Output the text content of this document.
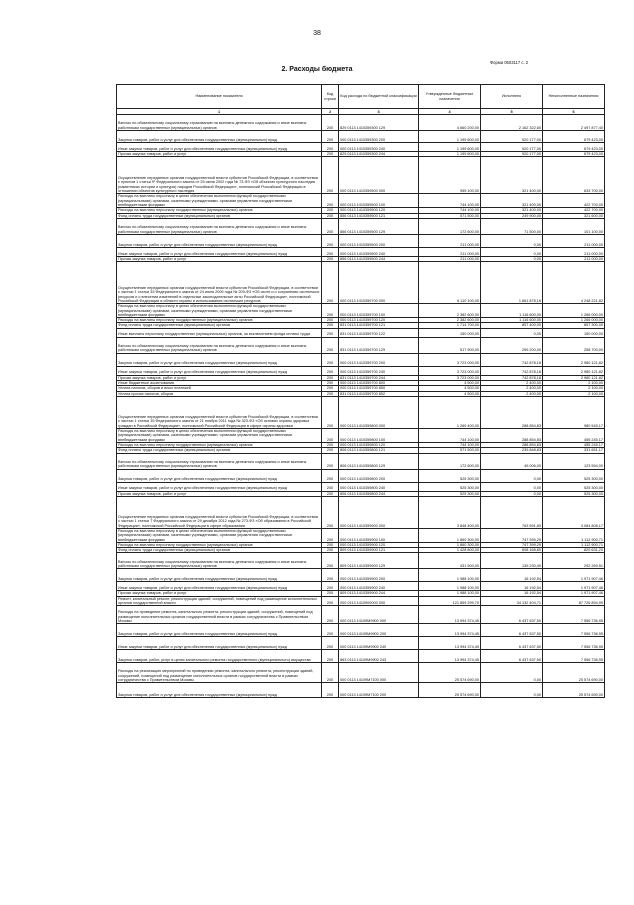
38
Форма 0503117 с. 2
2. Расходы бюджета
Наименование показателя	Код строки	Код расхода по бюджетной классификации	Утвержденные бюджетные назначения	Исполнено	Неисполненные назначения
1	2	3	4	5	6
Взносы по обязательному социальному страхованию на выплаты денежного содержания и иные выплаты работникам государственных (муниципальных) органов	200	829 0113 1410359300 129	4 660 200,00	2 162 322,60	2 497 877,40
Закупка товаров, работ и услуг для обеспечения государственных (муниципальных) нужд	200	000 0113 1410359300 200	1 199 600,00	520 177,00	679 423,00
Иные закупки товаров, работ и услуг для обеспечения государственных (муниципальных) нужд	200	000 0113 1410359300 240	1 199 600,00	520 177,00	679 423,00
Прочая закупка товаров, работ и услуг	200	829 0113 1410359300 244	1 199 600,00	520 177,00	679 423,00
Осуществление переданных органам государственной власти субъектов Российской Федерации, в соответствии с пунктом 1 статьи 9¹ Федерального закона от 25 июня 2002 года № 73-ФЗ «Об объектах культурного наследия (памятниках истории и культуры) народов Российской Федерации», полномочий Российской Федерации в отношении объектов культурного наследия	200	000 0113 1410359500 000	955 100,00	321 400,00	633 700,00
Расходы на выплаты персоналу в целях обеспечения выполнения функций государственными (муниципальными) органами, казенными учреждениями, органами управления государственными внебюджетными фондами	200	000 0113 1410359500 100	744 100,00	321 400,00	422 700,00
Расходы на выплаты персоналу государственных (муниципальных) органов	200	000 0113 1410359500 120	744 100,00	321 400,00	422 700,00
Фонд оплаты труда государственных (муниципальных) органов	200	856 0113 1410359500 121	571 500,00	249 900,00	321 600,00
Взносы по обязательному социальному страхованию на выплаты денежного содержания и иные выплаты работникам государственных (муниципальных) органов	200	856 0113 1410359500 129	172 600,00	71 500,00	101 100,00
Закупка товаров, работ и услуг для обеспечения государственных (муниципальных) нужд	200	000 0113 1410359500 200	211 000,00	0,00	211 000,00
Иные закупки товаров, работ и услуг для обеспечения государственных (муниципальных) нужд	200	000 0113 1410359500 240	211 000,00	0,00	211 000,00
Прочая закупка товаров, работ и услуг	200	856 0113 1410359500 244	211 000,00	0,00	211 000,00
Осуществление переданных органам государственной власти субъектов Российской Федерации, в соответствии с частью 1 статьи 33 Федерального закона от 24 июля 2009 года № 209-ФЗ «Об охоте и о сохранении охотничьих ресурсов и о внесении изменений в отдельные законодательные акты Российской Федерации», полномочий Российской Федерации в области охраны и использования охотничьих ресурсов	200	000 0113 1410359700 000	6 110 100,00	1 661 878,18	4 248 221,82
Расходы на выплаты персоналу в целях обеспечения выполнения функций государственными (муниципальными) органами, казенными учреждениями, органами управления государственными внебюджетными фондами	200	000 0113 1410359700 100	2 382 600,00	1 116 600,00	1 266 000,00
Расходы на выплаты персоналу государственных (муниципальных) органов	200	000 0113 1410359700 120	2 382 600,00	1 116 600,00	1 266 000,00
Фонд оплаты труда государственных (муниципальных) органов	200	831 0113 1410359700 121	1 714 700,00	857 400,00	857 300,00
Иные выплаты персоналу государственных (муниципальных) органов, за исключением фонда оплаты труда	200	831 0113 1410359700 122	150 000,00	0,00	150 000,00
Взносы по обязательному социальному страхованию на выплаты денежного содержания и иные выплаты работникам государственных (муниципальных) органов	200	831 0113 1410359700 129	517 900,00	259 200,00	258 700,00
Закупка товаров, работ и услуг для обеспечения государственных (муниципальных) нужд	200	000 0113 1410359700 200	3 723 000,00	742 878,18	2 980 121,82
Иные закупки товаров, работ и услуг для обеспечения государственных (муниципальных) нужд	200	000 0113 1410359700 240	3 723 000,00	742 878,18	2 980 121,82
Прочая закупка товаров, работ и услуг	200	831 0113 1410359700 244	3 723 000,00	742 878,18	2 980 121,82
Иные бюджетные ассигнования	200	000 0113 1410359700 800	4 500,00	2 400,00	2 100,00
Уплата налогов, сборов и иных платежей	200	000 0113 1410359700 850	4 500,00	2 400,00	2 100,00
Уплата прочих налогов, сборов	200	831 0113 1410359700 852	4 500,00	2 400,00	2 100,00
Осуществление переданных органам государственной власти субъектов Российской Федерации, в соответствии с частью 1 статьи 15 Федерального закона от 21 ноября 2011 года № 323-ФЗ «Об основах охраны здоровья граждан в Российской Федерации», полномочий Российской Федерации в сфере охраны здоровья	200	000 0113 1410359800 000	1 269 400,00	288 854,83	980 545,17
Расходы на выплаты персоналу в целях обеспечения выполнения функций государственными (муниципальными) органами, казенными учреждениями, органами управления государственными внебюджетными фондами	200	000 0113 1410359800 100	744 100,00	288 854,83	455 245,17
Расходы на выплаты персоналу государственных (муниципальных) органов	200	000 0113 1410359800 120	744 100,00	288 854,83	455 245,17
Фонд оплаты труда государственных (муниципальных) органов	200	806 0113 1410359800 121	571 500,00	239 848,83	331 651,17
Взносы по обязательному социальному страхованию на выплаты денежного содержания и иные выплаты работникам государственных (муниципальных) органов	200	806 0113 1410359800 129	172 600,00	49 006,00	123 594,00
Закупка товаров, работ и услуг для обеспечения государственных (муниципальных) нужд	200	000 0113 1410359800 200	525 300,00	0,00	525 300,00
Иные закупки товаров, работ и услуг для обеспечения государственных (муниципальных) нужд	200	000 0113 1410359800 240	525 300,00	0,00	525 300,00
Прочая закупка товаров, работ и услуг	200	806 0113 1410359800 244	525 300,00	0,00	525 300,00
Осуществление переданных органам государственной власти субъектов Российской Федерации, в соответствии с частью 1 статьи 7 Федерального закона от 29 декабря 2012 года № 273-ФЗ «Об образовании в Российской Федерации», полномочий Российской Федерации в сфере образования	200	000 0113 1410359900 000	3 848 400,00	763 591,83	3 084 808,17
Расходы на выплаты персоналу в целях обеспечения выполнения функций государственными (муниципальными) органами, казенными учреждениями, органами управления государственными внебюджетными фондами	200	000 0113 1410359900 100	1 860 300,00	747 399,29	1 112 900,71
Расходы на выплаты персоналу государственных (муниципальных) органов	200	000 0113 1410359900 120	1 860 300,00	747 399,29	1 112 900,71
Фонд оплаты труда государственных (муниципальных) органов	200	809 0113 1410359900 121	1 428 800,00	608 168,80	820 631,20
Взносы по обязательному социальному страхованию на выплаты денежного содержания и иные выплаты работникам государственных (муниципальных) органов	200	809 0113 1410359900 129	431 500,00	139 230,49	292 269,51
Закупка товаров, работ и услуг для обеспечения государственных (муниципальных) нужд	200	000 0113 1410359900 200	1 988 100,00	16 192,54	1 971 907,46
Иные закупки товаров, работ и услуг для обеспечения государственных (муниципальных) нужд	200	000 0113 1410359900 240	1 988 100,00	16 192,54	1 971 907,46
Прочая закупка товаров, работ и услуг	200	809 0113 1410359900 244	1 988 100,00	16 192,54	1 971 907,46
Ремонт, капитальный ремонт, реконструкция зданий, сооружений, помещений под размещение исполнительных органов государственной власти	200	000 0113 1410900000 000	121 859 299,70	34 132 404,71	87 726 894,99
Расходы на проведение ремонта, капитального ремонта, реконструкции зданий, сооружений, помещений под размещение исполнительных органов государственной власти в рамках сотрудничества с Правительством Москвы	200	000 0113 14109М9900 000	13 994 374,45	6 437 637,50	7 556 736,95
Закупка товаров, работ и услуг для обеспечения государственных (муниципальных) нужд	200	000 0113 14109М9900 200	13 994 374,45	6 437 637,50	7 556 736,95
Иные закупки товаров, работ и услуг для обеспечения государственных (муниципальных) нужд	200	000 0113 14109М9900 240	13 994 374,45	6 437 637,50	7 556 736,95
Закупка товаров, работ, услуг в целях капитального ремонта государственного (муниципального) имущества	200	863 0113 14109М9900 243	13 994 374,45	6 437 637,50	7 556 736,95
Расходы на реализацию мероприятий по проведению ремонта, капитального ремонта, реконструкции зданий, сооружений, помещений под размещение исполнительных органов государственной власти в рамках сотрудничества с Правительством Москвы	200	000 0113 14109М7100 000	25 574 690,00	0,00	25 574 690,00
Закупка товаров, работ и услуг для обеспечения государственных (муниципальных) нужд	200	000 0113 14109М7100 200	25 574 690,00	0,00	25 574 690,00
